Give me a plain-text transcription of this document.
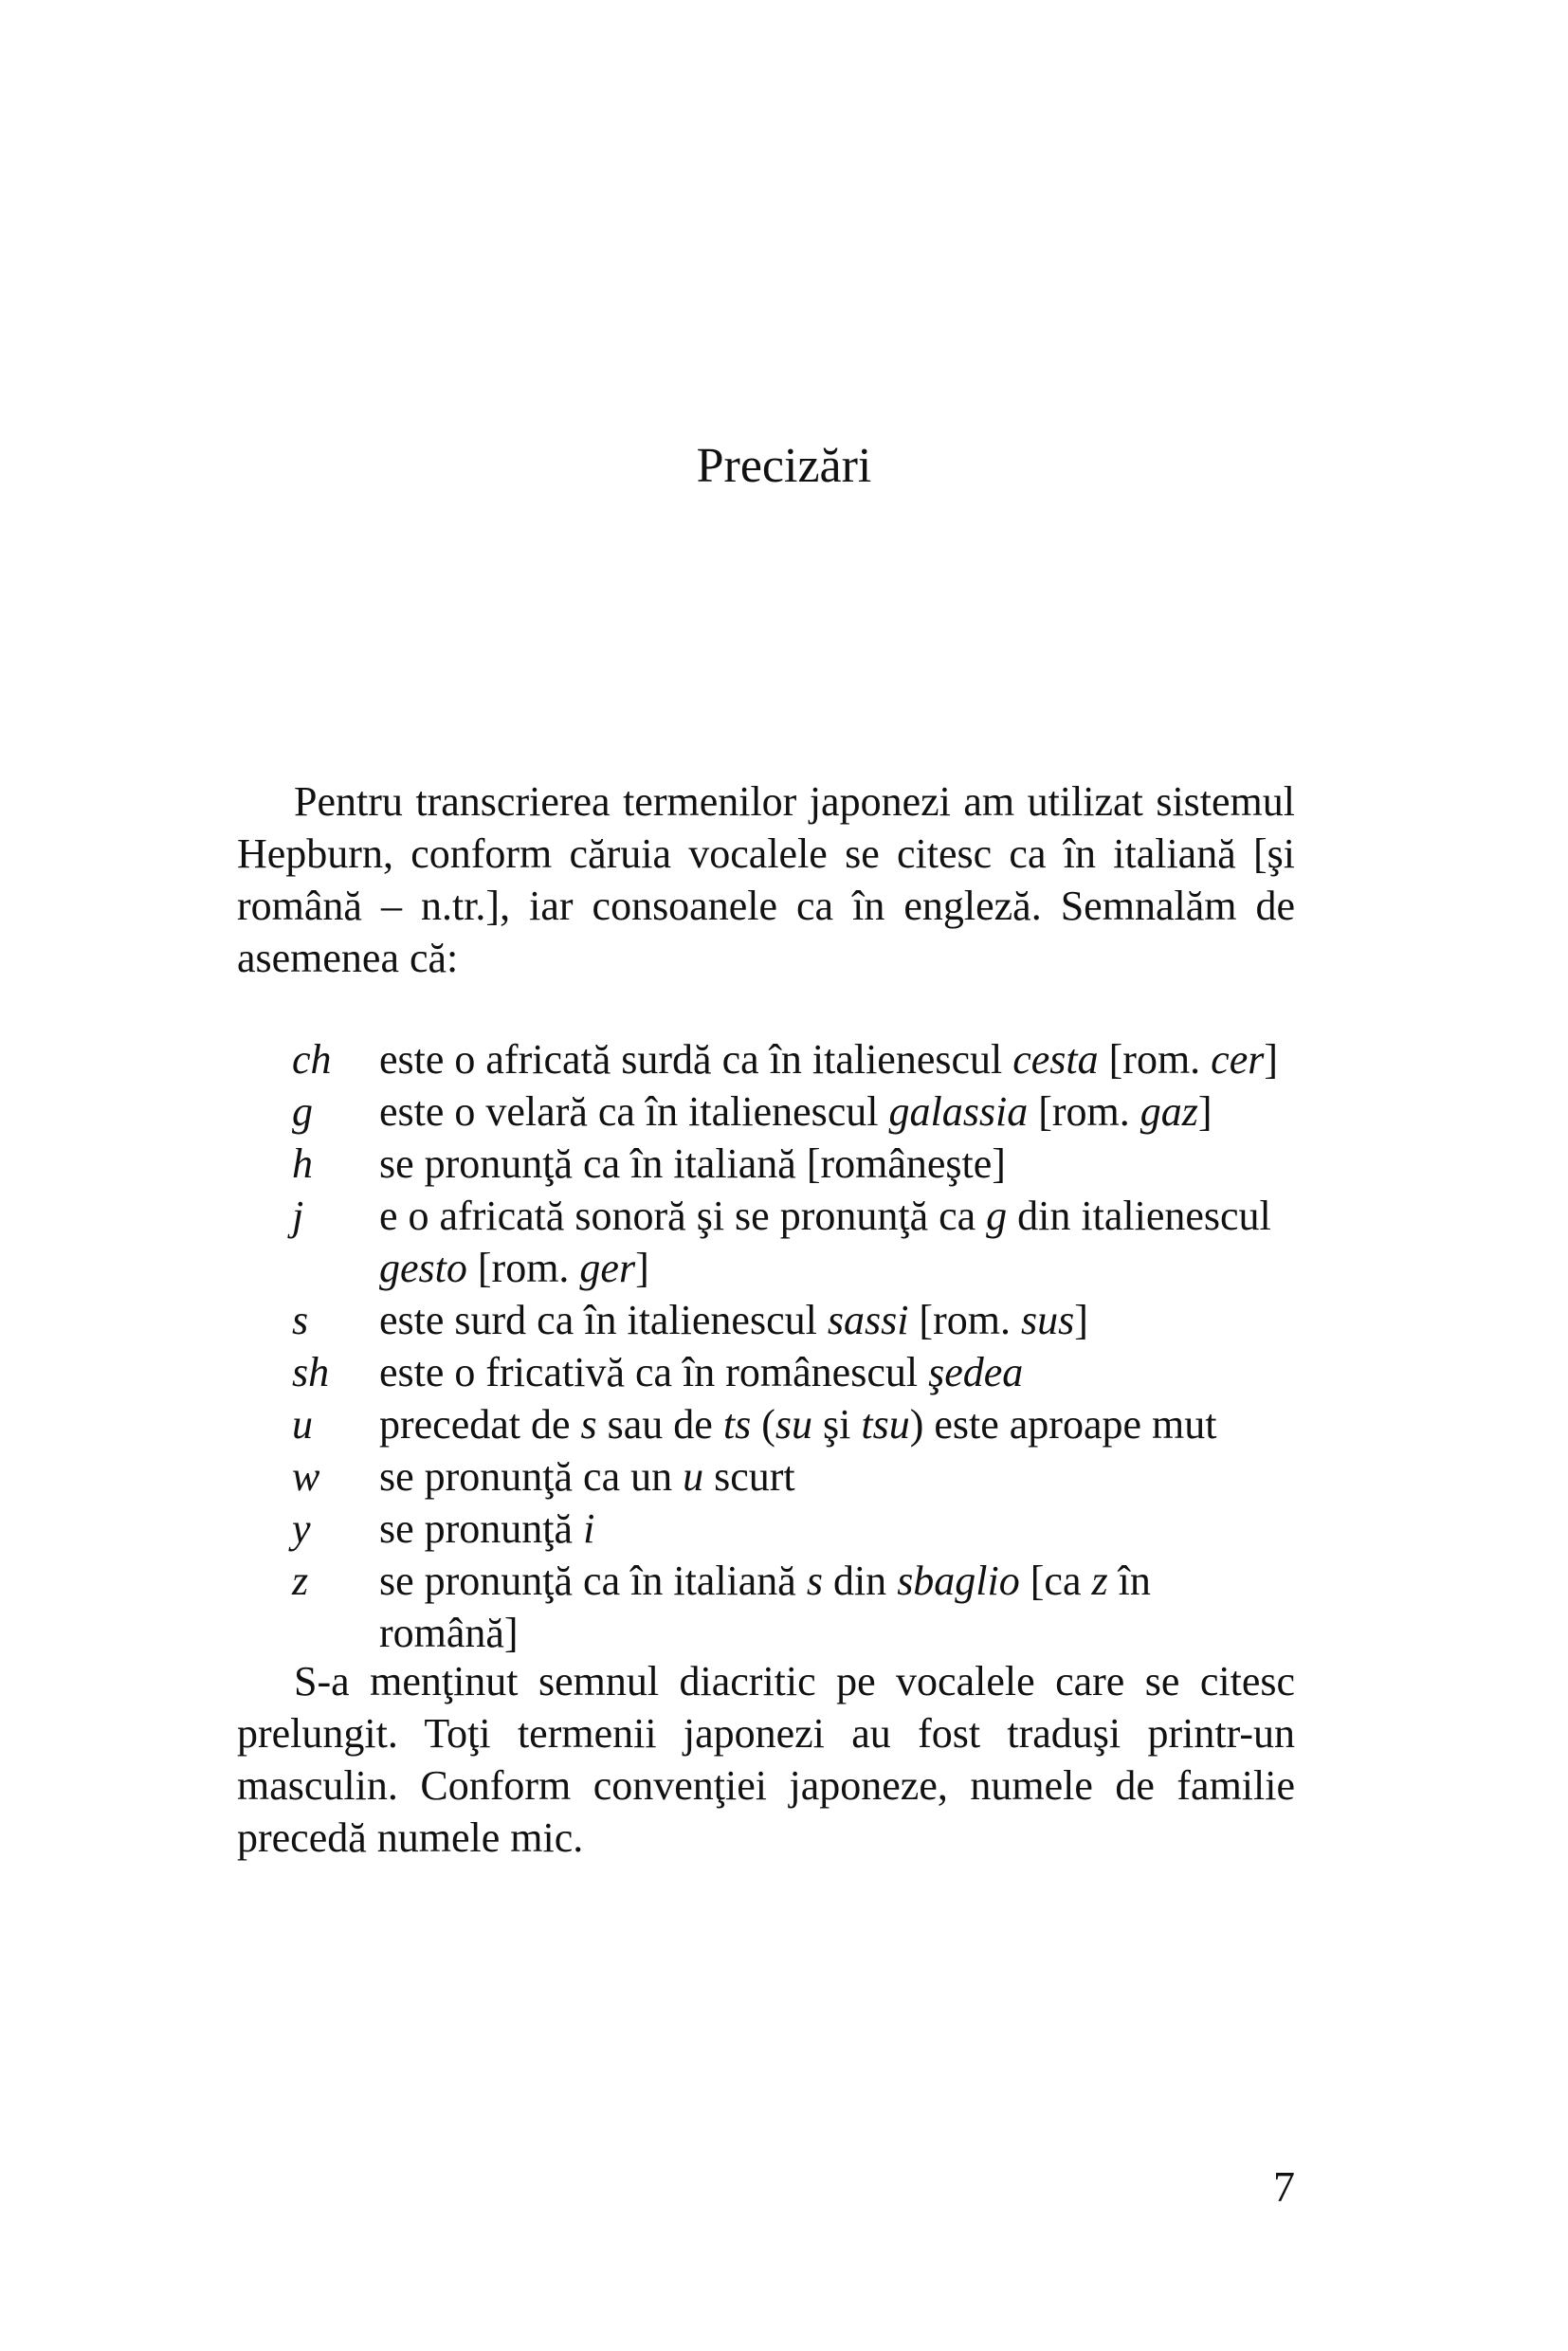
Precizări

Pentru transcrierea termenilor japonezi am utilizat sistemul Hepburn, conform căruia vocalele se citesc ca în italiană [şi română – n.tr.], iar consoanele ca în engleză. Semnalăm de asemenea că:

ch	este o africată surdă ca în italienescul cesta [rom. cer]
g	este o velară ca în italienescul galassia [rom. gaz]
h	se pronunţă ca în italiană [româneşte]
j	e o africată sonoră şi se pronunţă ca g din italienescul gesto [rom. ger]
s	este surd ca în italienescul sassi [rom. sus]
sh	este o fricativă ca în românescul şedea
u	precedat de s sau de ts (su şi tsu) este aproape mut
w	se pronunţă ca un u scurt
y	se pronunţă i
z	se pronunţă ca în italiană s din sbaglio [ca z în română]

S-a menţinut semnul diacritic pe vocalele care se citesc prelungit. Toţi termenii japonezi au fost traduşi printr-un masculin. Conform convenţiei japoneze, numele de familie precedă numele mic.

7
